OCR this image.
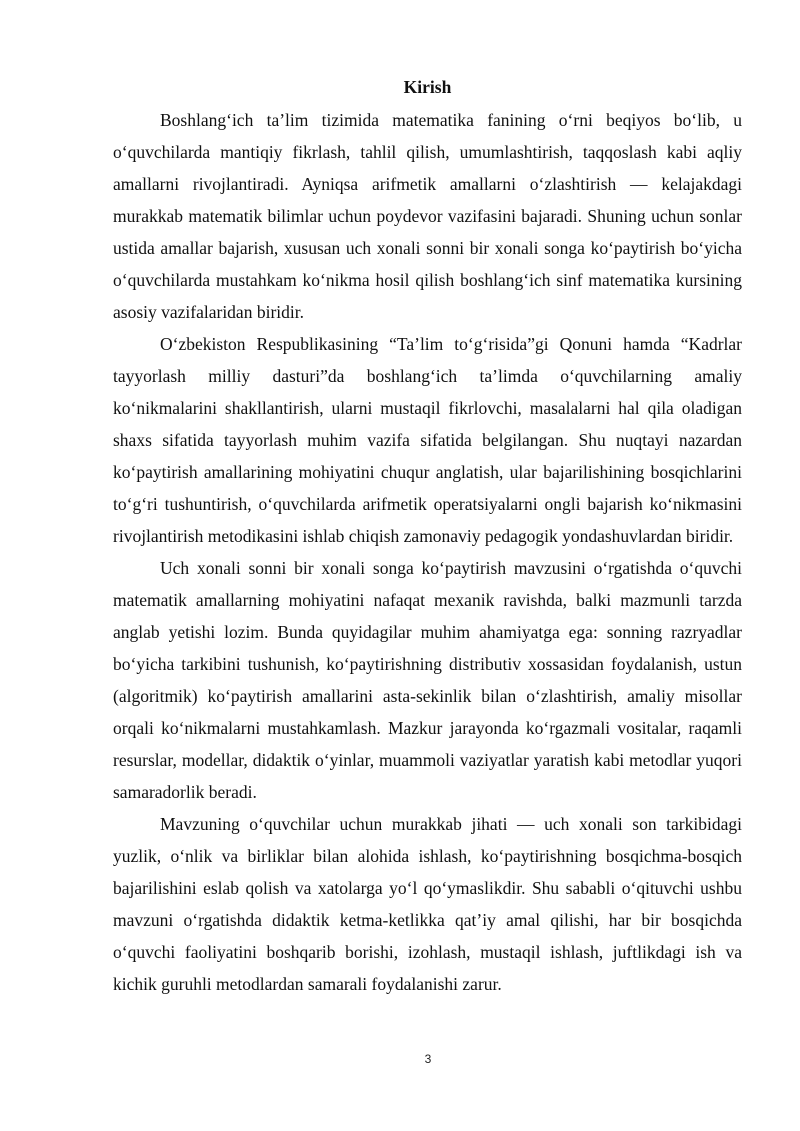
Kirish

Boshlang‘ich ta’lim tizimida matematika fanining o‘rni beqiyos bo‘lib, u o‘quvchilarda mantiqiy fikrlash, tahlil qilish, umumlashtirish, taqqoslash kabi aqliy amallarni rivojlantiradi. Ayniqsa arifmetik amallarni o‘zlashtirish — kelajakdagi murakkab matematik bilimlar uchun poydevor vazifasini bajaradi. Shuning uchun sonlar ustida amallar bajarish, xususan uch xonali sonni bir xonali songa ko‘paytirish bo‘yicha o‘quvchilarda mustahkam ko‘nikma hosil qilish boshlang‘ich sinf matematika kursining asosiy vazifalaridan biridir.

O‘zbekiston Respublikasining “Ta’lim to‘g‘risida”gi Qonuni hamda “Kadrlar tayyorlash milliy dasturi”da boshlang‘ich ta’limda o‘quvchilarning amaliy ko‘nikmalarini shakllantirish, ularni mustaqil fikrlovchi, masalalarni hal qila oladigan shaxs sifatida tayyorlash muhim vazifa sifatida belgilangan. Shu nuqtayi nazardan ko‘paytirish amallarining mohiyatini chuqur anglatish, ular bajarilishining bosqichlarini to‘g‘ri tushuntirish, o‘quvchilarda arifmetik operatsiyalarni ongli bajarish ko‘nikmasini rivojlantirish metodikasini ishlab chiqish zamonaviy pedagogik yondashuvlardan biridir.

Uch xonali sonni bir xonali songa ko‘paytirish mavzusini o‘rgatishda o‘quvchi matematik amallarning mohiyatini nafaqat mexanik ravishda, balki mazmunli tarzda anglab yetishi lozim. Bunda quyidagilar muhim ahamiyatga ega: sonning razryadlar bo‘yicha tarkibini tushunish, ko‘paytirishning distributiv xossasidan foydalanish, ustun (algoritmik) ko‘paytirish amallarini asta-sekinlik bilan o‘zlashtirish, amaliy misollar orqali ko‘nikmalarni mustahkamlash. Mazkur jarayonda ko‘rgazmali vositalar, raqamli resurslar, modellar, didaktik o‘yinlar, muammoli vaziyatlar yaratish kabi metodlar yuqori samaradorlik beradi.

Mavzuning o‘quvchilar uchun murakkab jihati — uch xonali son tarkibidagi yuzlik, o‘nlik va birliklar bilan alohida ishlash, ko‘paytirishning bosqichma-bosqich bajarilishini eslab qolish va xatolarga yo‘l qo‘ymaslikdir. Shu sababli o‘qituvchi ushbu mavzuni o‘rgatishda didaktik ketma-ketlikka qat’iy amal qilishi, har bir bosqichda o‘quvchi faoliyatini boshqarib borishi, izohlash, mustaqil ishlash, juftlikdagi ish va kichik guruhli metodlardan samarali foydalanishi zarur.

3
